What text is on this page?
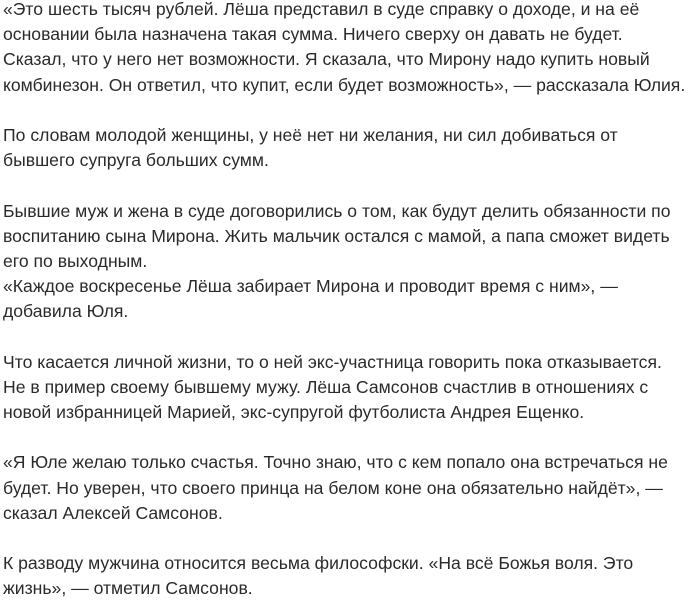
«Это шесть тысяч рублей. Лёша представил в суде справку о доходе, и на её
основании была назначена такая сумма. Ничего сверху он давать не будет.
Сказал, что у него нет возможности. Я сказала, что Мирону надо купить новый
комбинезон. Он ответил, что купит, если будет возможность», — рассказала Юлия.
По словам молодой женщины, у неё нет ни желания, ни сил добиваться от
бывшего супруга больших сумм.
Бывшие муж и жена в суде договорились о том, как будут делить обязанности по
воспитанию сына Мирона. Жить мальчик остался с мамой, а папа сможет видеть
его по выходным.
«Каждое воскресенье Лёша забирает Мирона и проводит время с ним», —
добавила Юля.
Что касается личной жизни, то о ней экс-участница говорить пока отказывается.
Не в пример своему бывшему мужу. Лёша Самсонов счастлив в отношениях с
новой избранницей Марией, экс-супругой футболиста Андрея Ещенко.
«Я Юле желаю только счастья. Точно знаю, что с кем попало она встречаться не
будет. Но уверен, что своего принца на белом коне она обязательно найдёт», —
сказал Алексей Самсонов.
К разводу мужчина относится весьма философски. «На всё Божья воля. Это
жизнь», — отметил Самсонов.
